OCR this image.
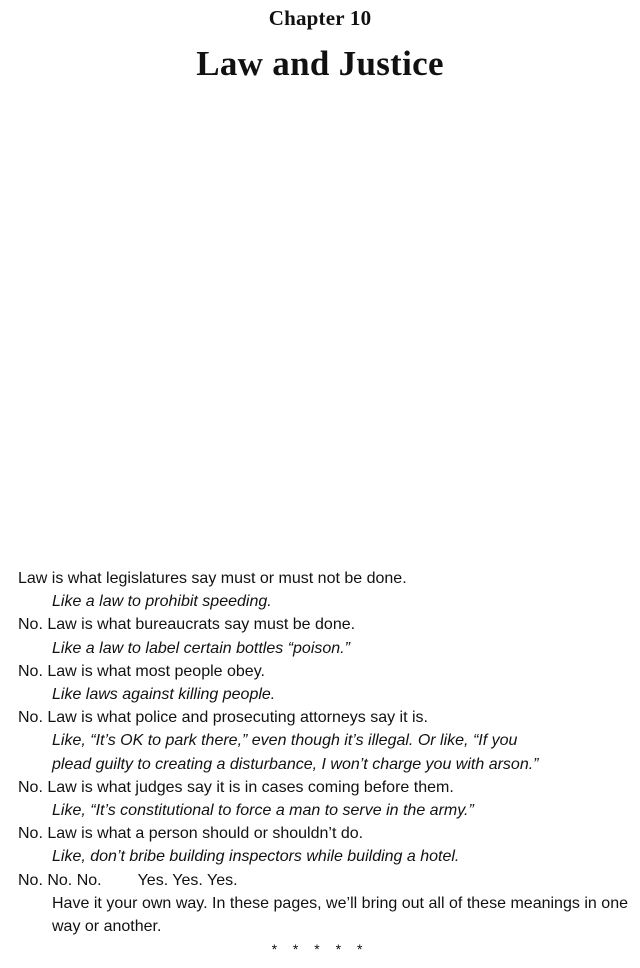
Chapter 10
Law and Justice
Law is what legislatures say must or must not be done.
Like a law to prohibit speeding.
No. Law is what bureaucrats say must be done.
Like a law to label certain bottles “poison.”
No. Law is what most people obey.
Like laws against killing people.
No. Law is what police and prosecuting attorneys say it is.
Like, “It’s OK to park there,” even though it’s illegal. Or like, “If you
plead guilty to creating a disturbance, I won’t charge you with arson.”
No. Law is what judges say it is in cases coming before them.
Like, “It’s constitutional to force a man to serve in the army.”
No. Law is what a person should or shouldn’t do.
Like, don’t bribe building inspectors while building a hotel.
No. No. No. Yes. Yes. Yes.
Have it your own way. In these pages, we’ll bring out all of these meanings in one way or another.
* * * * *
